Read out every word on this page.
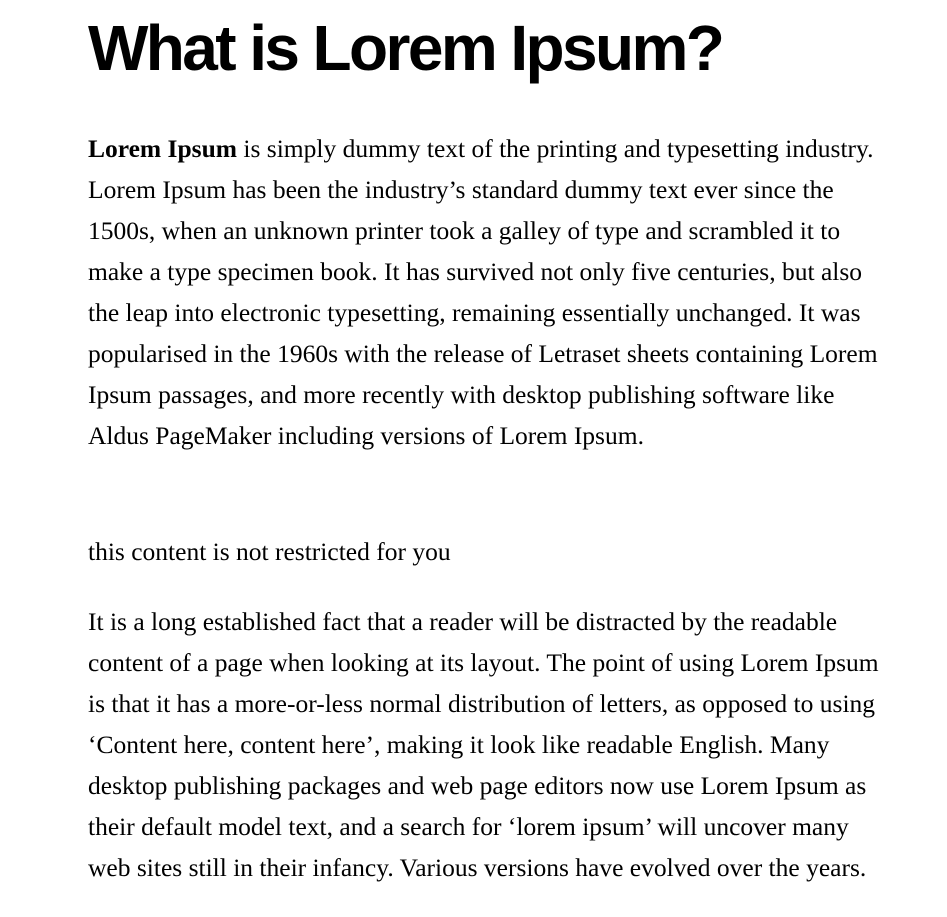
What is Lorem Ipsum?

Lorem Ipsum is simply dummy text of the printing and typesetting industry. Lorem Ipsum has been the industry’s standard dummy text ever since the 1500s, when an unknown printer took a galley of type and scrambled it to make a type specimen book. It has survived not only five centuries, but also the leap into electronic typesetting, remaining essentially unchanged. It was popularised in the 1960s with the release of Letraset sheets containing Lorem Ipsum passages, and more recently with desktop publishing software like Aldus PageMaker including versions of Lorem Ipsum.

this content is not restricted for you

It is a long established fact that a reader will be distracted by the readable content of a page when looking at its layout. The point of using Lorem Ipsum is that it has a more-or-less normal distribution of letters, as opposed to using ‘Content here, content here’, making it look like readable English. Many desktop publishing packages and web page editors now use Lorem Ipsum as their default model text, and a search for ‘lorem ipsum’ will uncover many web sites still in their infancy. Various versions have evolved over the years.
